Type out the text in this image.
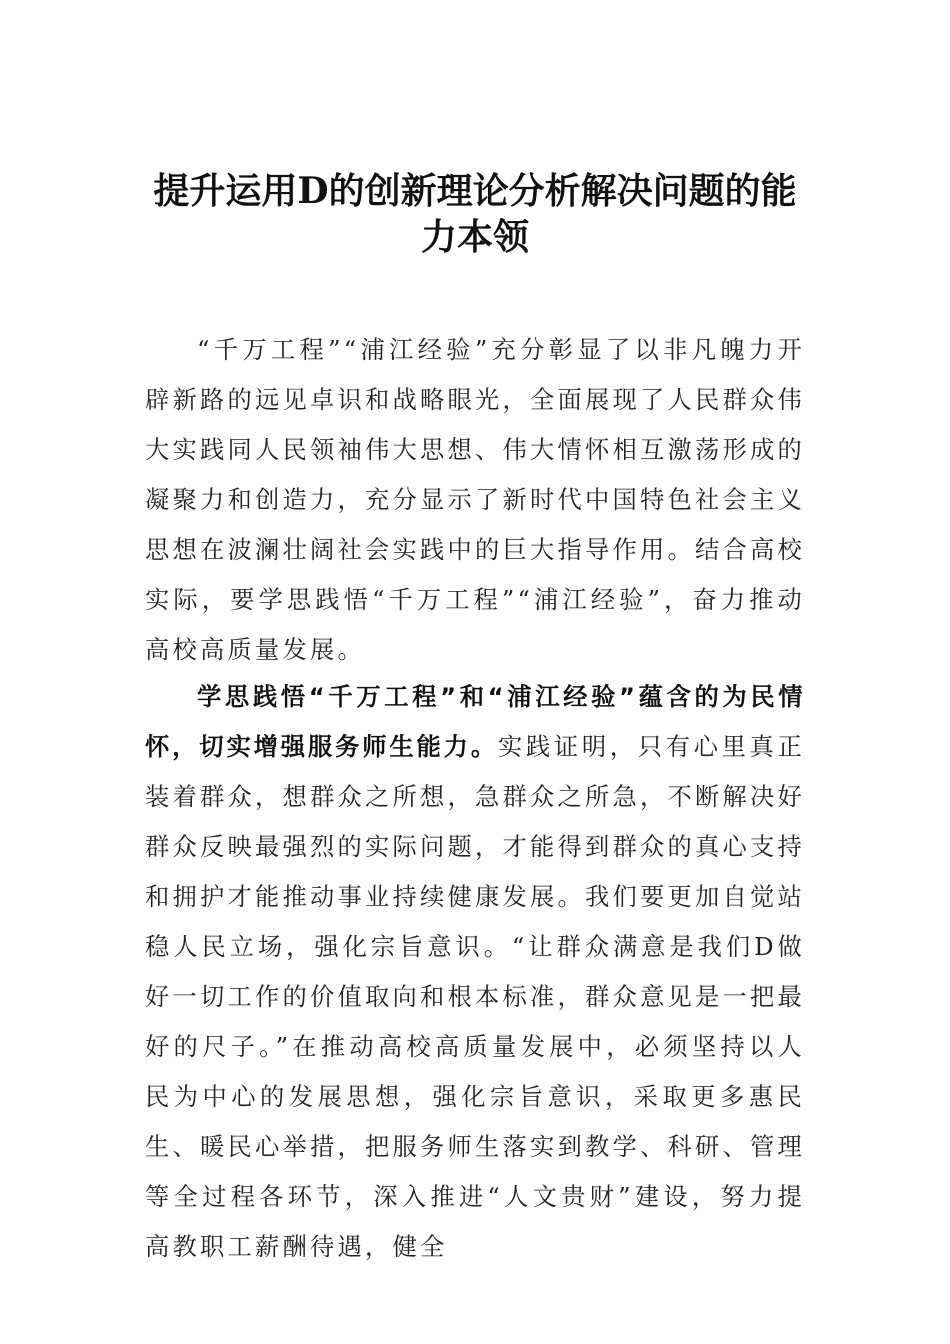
提升运用D的创新理论分析解决问题的能力本领

“千万工程”“浦江经验”充分彰显了以非凡魄力开辟新路的远见卓识和战略眼光，全面展现了人民群众伟大实践同人民领袖伟大思想、伟大情怀相互激荡形成的凝聚力和创造力，充分显示了新时代中国特色社会主义思想在波澜壮阔社会实践中的巨大指导作用。结合高校实际，要学思践悟“千万工程”“浦江经验”，奋力推动高校高质量发展。

学思践悟“千万工程”和“浦江经验”蕴含的为民情怀，切实增强服务师生能力。实践证明，只有心里真正装着群众，想群众之所想，急群众之所急，不断解决好群众反映最强烈的实际问题，才能得到群众的真心支持和拥护才能推动事业持续健康发展。我们要更加自觉站稳人民立场，强化宗旨意识。“让群众满意是我们D做好一切工作的价值取向和根本标准，群众意见是一把最好的尺子。”在推动高校高质量发展中，必须坚持以人民为中心的发展思想，强化宗旨意识，采取更多惠民生、暖民心举措，把服务师生落实到教学、科研、管理等全过程各环节，深入推进“人文贵财”建设，努力提高教职工薪酬待遇，健全
